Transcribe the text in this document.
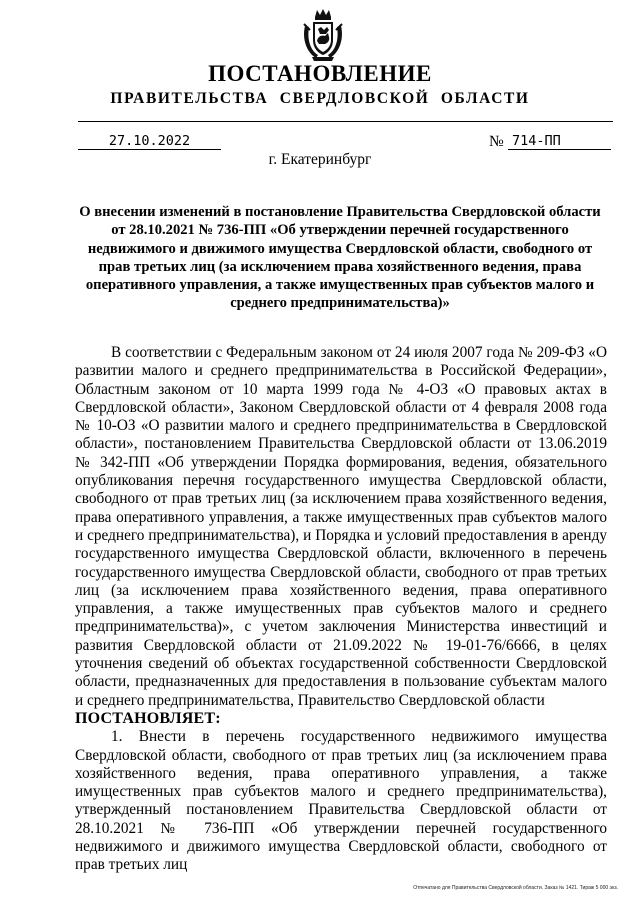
ПОСТАНОВЛЕНИЕ
ПРАВИТЕЛЬСТВА СВЕРДЛОВСКОЙ ОБЛАСТИ
27.10.2022	№ 714-ПП
г. Екатеринбург
О внесении изменений в постановление Правительства Свердловской области от 28.10.2021 № 736-ПП «Об утверждении перечней государственного недвижимого и движимого имущества Свердловской области, свободного от прав третьих лиц (за исключением права хозяйственного ведения, права оперативного управления, а также имущественных прав субъектов малого и среднего предпринимательства)»

В соответствии с Федеральным законом от 24 июля 2007 года № 209-ФЗ «О развитии малого и среднего предпринимательства в Российской Федерации», Областным законом от 10 марта 1999 года № 4-ОЗ «О правовых актах в Свердловской области», Законом Свердловской области от 4 февраля 2008 года № 10-ОЗ «О развитии малого и среднего предпринимательства в Свердловской области», постановлением Правительства Свердловской области от 13.06.2019 № 342-ПП «Об утверждении Порядка формирования, ведения, обязательного опубликования перечня государственного имущества Свердловской области, свободного от прав третьих лиц (за исключением права хозяйственного ведения, права оперативного управления, а также имущественных прав субъектов малого и среднего предпринимательства), и Порядка и условий предоставления в аренду государственного имущества Свердловской области, включенного в перечень государственного имущества Свердловской области, свободного от прав третьих лиц (за исключением права хозяйственного ведения, права оперативного управления, а также имущественных прав субъектов малого и среднего предпринимательства)», с учетом заключения Министерства инвестиций и развития Свердловской области от 21.09.2022 № 19-01-76/6666, в целях уточнения сведений об объектах государственной собственности Свердловской области, предназначенных для предоставления в пользование субъектам малого и среднего предпринимательства, Правительство Свердловской области

ПОСТАНОВЛЯЕТ:

1. Внести в перечень государственного недвижимого имущества Свердловской области, свободного от прав третьих лиц (за исключением права хозяйственного ведения, права оперативного управления, а также имущественных прав субъектов малого и среднего предпринимательства), утвержденный постановлением Правительства Свердловской области от 28.10.2021 № 736-ПП «Об утверждении перечней государственного недвижимого и движимого имущества Свердловской области, свободного от прав третьих лиц

Отпечатано для Правительства Свердловской области. Заказ № 1421. Тираж 5 000 экз.
